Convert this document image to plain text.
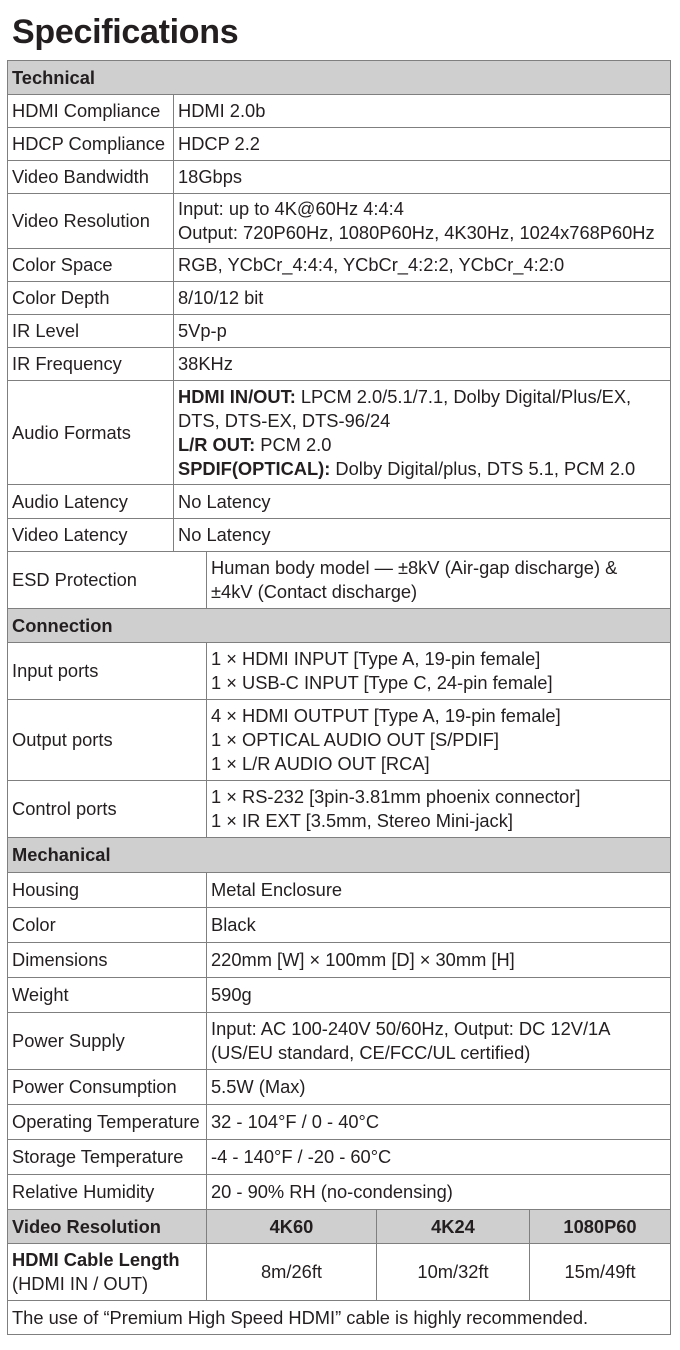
Specifications
Technical				
HDMI Compliance	HDMI 2.0b			
HDCP Compliance	HDCP 2.2			
Video Bandwidth	18Gbps			
Video Resolution	Input: up to 4K@60Hz 4:4:4
Output: 720P60Hz, 1080P60Hz, 4K30Hz, 1024x768P60Hz			

Color Space	RGB, YCbCr_4:4:4, YCbCr_4:2:2, YCbCr_4:2:0			
Color Depth	8/10/12 bit			
IR Level	5Vp-p			
IR Frequency	38KHz			
Audio Formats	HDMI IN/OUT: LPCM 2.0/5.1/7.1, Dolby Digital/Plus/EX,
DTS, DTS-EX, DTS-96/24
L/R OUT: PCM 2.0
SPDIF(OPTICAL): Dolby Digital/plus, DTS 5.1, PCM 2.0			

Audio Latency	No Latency			
Video Latency	No Latency			
ESD Protection		Human body model — ±8kV (Air-gap discharge) &
±4kV (Contact discharge)		

Connection				
Input ports		1 × HDMI INPUT [Type A, 19-pin female]
1 × USB-C INPUT [Type C, 24-pin female]		

Output ports		4 × HDMI OUTPUT [Type A, 19-pin female]
1 × OPTICAL AUDIO OUT [S/PDIF]
1 × L/R AUDIO OUT [RCA]		

Control ports		1 × RS-232 [3pin-3.81mm phoenix connector]
1 × IR EXT [3.5mm, Stereo Mini-jack]		

Mechanical				
Housing		Metal Enclosure		
Color		Black		
Dimensions		220mm [W] × 100mm [D] × 30mm [H]		
Weight		590g		
Power Supply		Input: AC 100-240V 50/60Hz, Output: DC 12V/1A
(US/EU standard, CE/FCC/UL certified)		

Power Consumption		5.5W (Max)		
Operating Temperature		32 - 104°F / 0 - 40°C		
Storage Temperature		-4 - 140°F / -20 - 60°C		
Relative Humidity		20 - 90% RH (no-condensing)		
Video Resolution		4K60	4K24	1080P60

HDMI Cable Length
(HDMI IN / OUT)		8m/26ft	10m/32ft	15m/49ft
The use of “Premium High Speed HDMI” cable is highly recommended.				
